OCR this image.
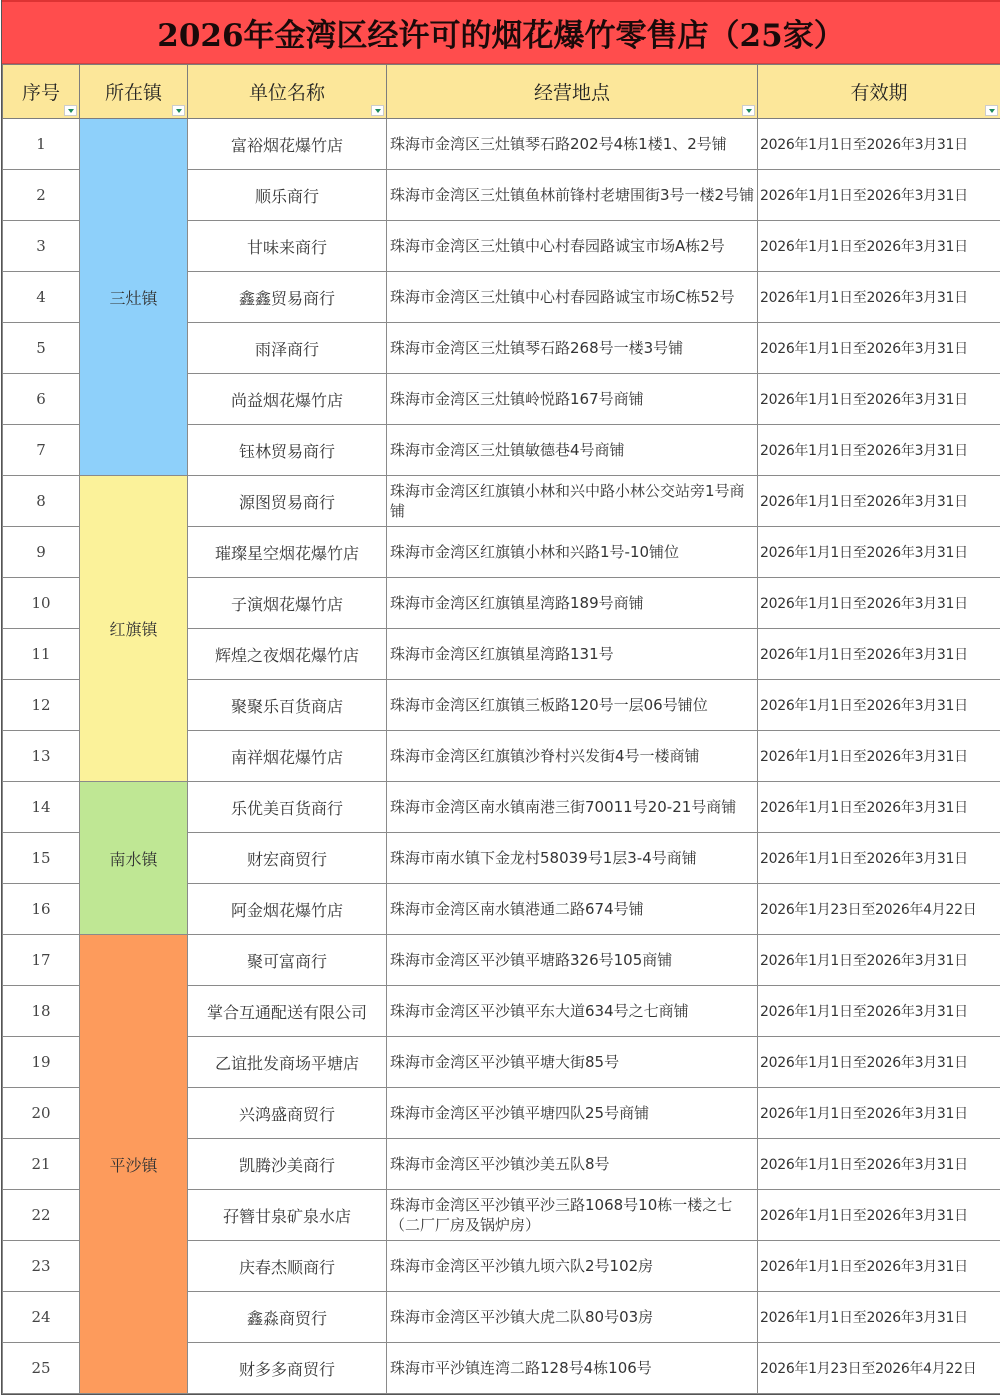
2026年金湾区经许可的烟花爆竹零售店（25家）
序号	所在镇	单位名称	经营地点	有效期

1	三灶镇	富裕烟花爆竹店	珠海市金湾区三灶镇琴石路202号4栋1楼1、2号铺	2026年1月1日至2026年3月31日
2		顺乐商行	珠海市金湾区三灶镇鱼林前锋村老塘围街3号一楼2号铺	2026年1月1日至2026年3月31日
3		甘味来商行	珠海市金湾区三灶镇中心村春园路诚宝市场A栋2号	2026年1月1日至2026年3月31日
4		鑫鑫贸易商行	珠海市金湾区三灶镇中心村春园路诚宝市场C栋52号	2026年1月1日至2026年3月31日
5		雨泽商行	珠海市金湾区三灶镇琴石路268号一楼3号铺	2026年1月1日至2026年3月31日
6		尚益烟花爆竹店	珠海市金湾区三灶镇岭悦路167号商铺	2026年1月1日至2026年3月31日
7		钰林贸易商行	珠海市金湾区三灶镇敏德巷4号商铺	2026年1月1日至2026年3月31日
8	红旗镇	源图贸易商行	珠海市金湾区红旗镇小林和兴中路小林公交站旁1号商铺	2026年1月1日至2026年3月31日
9		璀璨星空烟花爆竹店	珠海市金湾区红旗镇小林和兴路1号-10铺位	2026年1月1日至2026年3月31日
10		子演烟花爆竹店	珠海市金湾区红旗镇星湾路189号商铺	2026年1月1日至2026年3月31日
11		辉煌之夜烟花爆竹店	珠海市金湾区红旗镇星湾路131号	2026年1月1日至2026年3月31日
12		聚聚乐百货商店	珠海市金湾区红旗镇三板路120号一层06号铺位	2026年1月1日至2026年3月31日
13		南祥烟花爆竹店	珠海市金湾区红旗镇沙脊村兴发街4号一楼商铺	2026年1月1日至2026年3月31日
14	南水镇	乐优美百货商行	珠海市金湾区南水镇南港三街70011号20-21号商铺	2026年1月1日至2026年3月31日
15		财宏商贸行	珠海市南水镇下金龙村58039号1层3-4号商铺	2026年1月1日至2026年3月31日
16		阿金烟花爆竹店	珠海市金湾区南水镇港通二路674号铺	2026年1月23日至2026年4月22日
17	平沙镇	聚可富商行	珠海市金湾区平沙镇平塘路326号105商铺	2026年1月1日至2026年3月31日
18		掌合互通配送有限公司	珠海市金湾区平沙镇平东大道634号之七商铺	2026年1月1日至2026年3月31日
19		乙谊批发商场平塘店	珠海市金湾区平沙镇平塘大街85号	2026年1月1日至2026年3月31日
20		兴鸿盛商贸行	珠海市金湾区平沙镇平塘四队25号商铺	2026年1月1日至2026年3月31日
21		凯腾沙美商行	珠海市金湾区平沙镇沙美五队8号	2026年1月1日至2026年3月31日
22		孖簪甘泉矿泉水店	珠海市金湾区平沙镇平沙三路1068号10栋一楼之七（二厂厂房及锅炉房）	2026年1月1日至2026年3月31日
23		庆春杰顺商行	珠海市金湾区平沙镇九顷六队2号102房	2026年1月1日至2026年3月31日
24		鑫淼商贸行	珠海市金湾区平沙镇大虎二队80号03房	2026年1月1日至2026年3月31日
25		财多多商贸行	珠海市平沙镇连湾二路128号4栋106号	2026年1月23日至2026年4月22日
